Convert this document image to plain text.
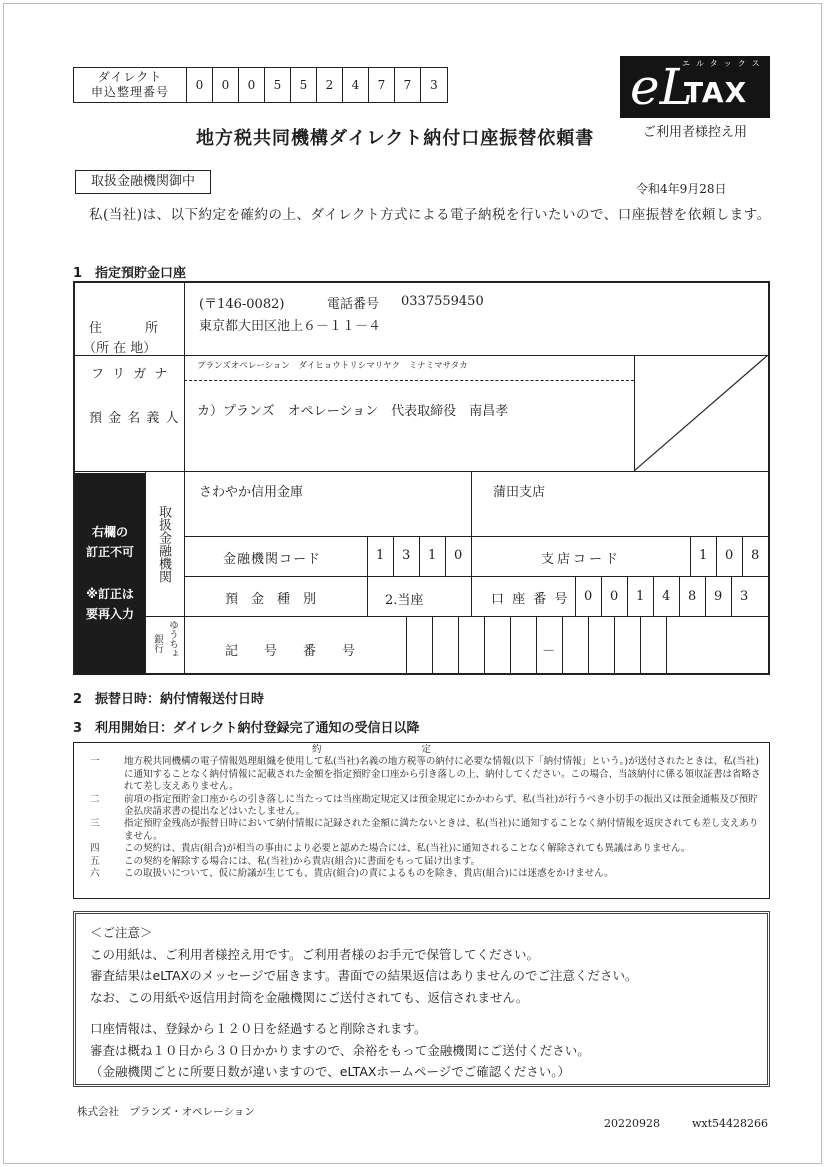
ダイレクト
申込整理番号	0	0	0	5	5	2	4	7	7	3
エルタックス
eL
TAX
ご利用者様控え用
地方税共同機構ダイレクト納付口座振替依頼書
取扱金融機関御中	令和4年9月28日
私(当社)は、以下約定を確約の上、ダイレクト方式による電子納税を行いたいので、口座振替を依頼します。
1　指定預貯金口座
住　　　所
（所 在 地）
(〒146-0082)	電話番号 0337559450
東京都大田区池上６－１１－４
フ リ ガ ナ
プランズオペレーション　ダイヒョウトリシマリヤク　ミナミマサタカ
預 金 名 義 人 カ）プランズ　オペレーション　代表取締役　南昌孝
右欄の
訂正不可
※訂正は
要再入力
取扱金融機関
さわやか信用金庫	蒲田支店
金融機関コード	1 3 1 0	支店コード	1 0 8
預　金　種　別	2.当座	口 座 番 号 0 0 1 4 8 9 3
ゆうちょ
銀行	記　　号　　番　　号	－
2　振替日時：納付情報送付日時
3　利用開始日：ダイレクト納付登録完了通知の受信日以降
約定
一	地方税共同機構の電子情報処理組織を使用して私(当社)名義の地方税等の納付に必要な情報(以下「納付情報」という。)が送付されたときは、私(当社)に通知することなく納付情報に記載された金額を指定預貯金口座から引き落しの上、納付してください。この場合、当該納付に係る領収証書は省略されて差し支えありません。
二	前項の指定預貯金口座からの引き落しに当たっては当座勘定規定又は預金規定にかかわらず、私(当社)が行うべき小切手の振出又は預金通帳及び預貯金払戻請求書の提出などはいたしません。
三	指定預貯金残高が振替日時において納付情報に記録された金額に満たないときは、私(当社)に通知することなく納付情報を返戻されても差し支えありません。
四	この契約は、貴店(組合)が相当の事由により必要と認めた場合には、私(当社)に通知されることなく解除されても異議はありません。
五	この契約を解除する場合には、私(当社)から貴店(組合)に書面をもって届け出ます。
六	この取扱いについて、仮に紛議が生じても、貴店(組合)の責によるものを除き、貴店(組合)には迷惑をかけません。
＜ご注意＞
この用紙は、ご利用者様控え用です。ご利用者様のお手元で保管してください。
審査結果はeLTAXのメッセージで届きます。書面での結果返信はありませんのでご注意ください。
なお、この用紙や返信用封筒を金融機関にご送付されても、返信されません。
口座情報は、登録から１２０日を経過すると削除されます。
審査は概ね１０日から３０日かかりますので、余裕をもって金融機関にご送付ください。
（金融機関ごとに所要日数が違いますので、eLTAXホームページでご確認ください。）
株式会社　プランズ・オペレーション
20220928	wxt54428266
